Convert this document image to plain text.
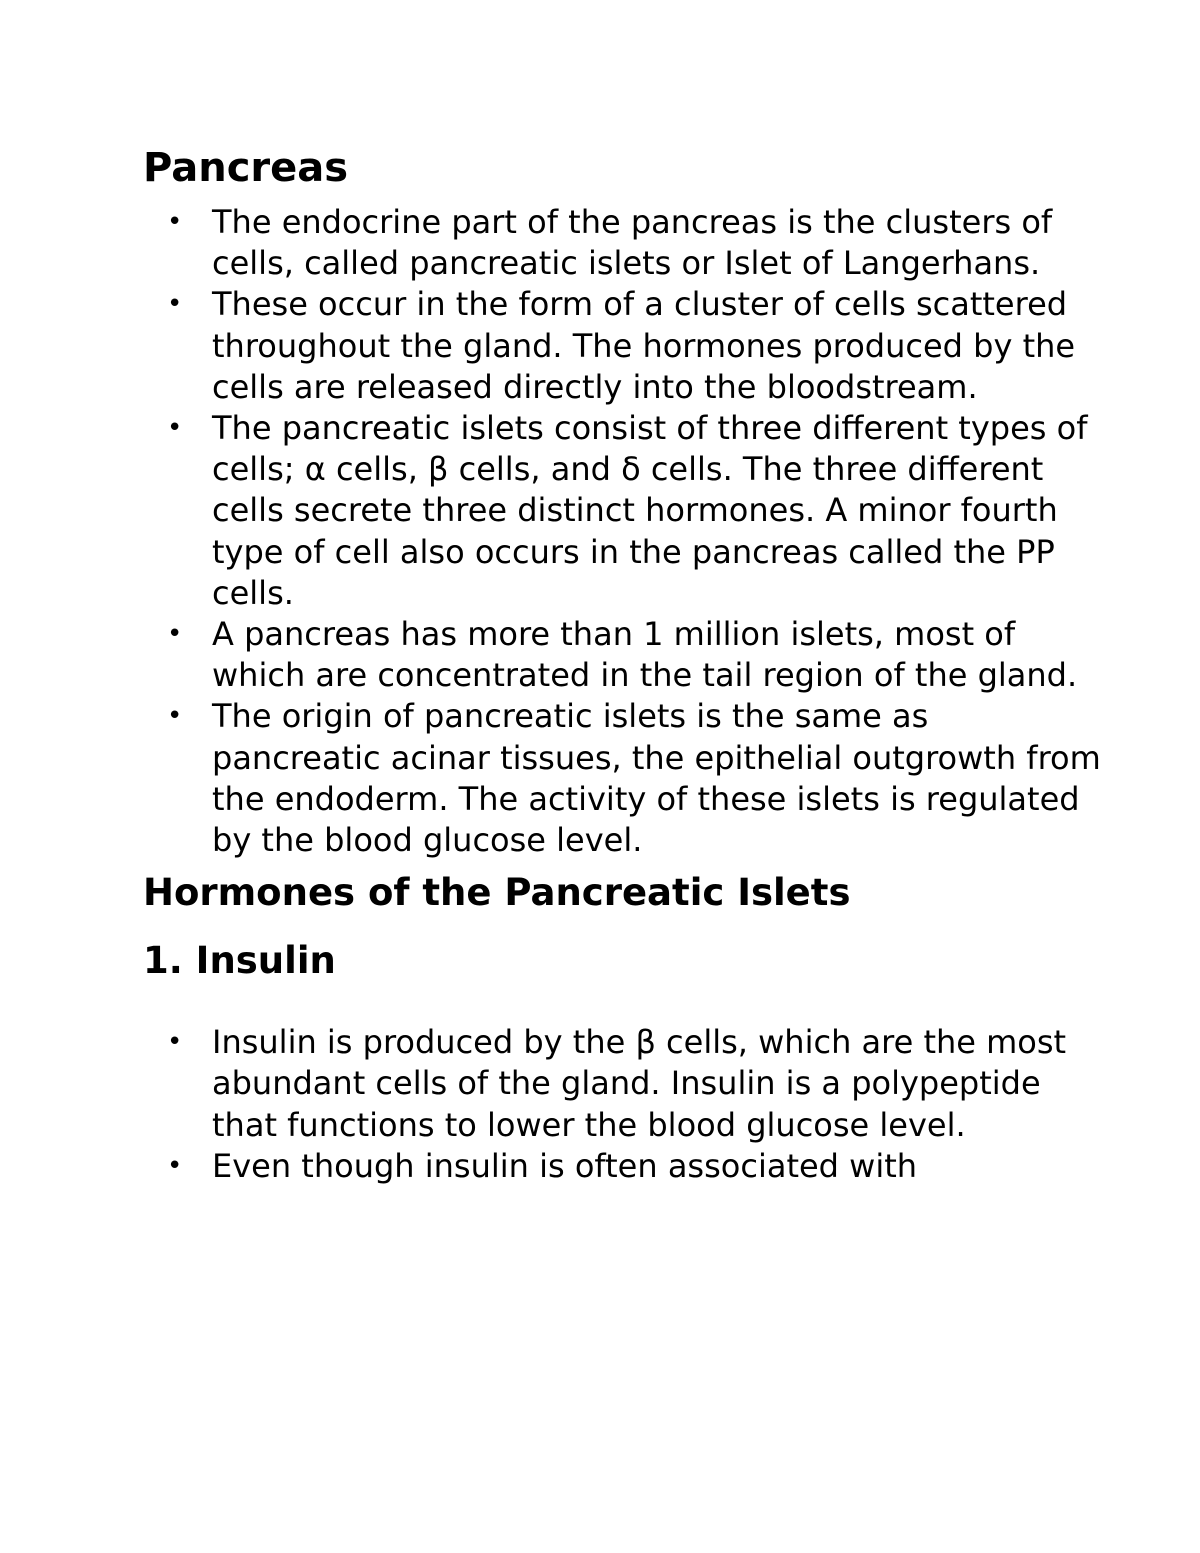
Pancreas
• The endocrine part of the pancreas is the clusters of cells, called pancreatic islets or Islet of Langerhans.
• These occur in the form of a cluster of cells scattered throughout the gland. The hormones produced by the cells are released directly into the bloodstream.
• The pancreatic islets consist of three different types of cells; α cells, β cells, and δ cells. The three different cells secrete three distinct hormones. A minor fourth type of cell also occurs in the pancreas called the PP cells.
• A pancreas has more than 1 million islets, most of which are concentrated in the tail region of the gland.
• The origin of pancreatic islets is the same as pancreatic acinar tissues, the epithelial outgrowth from the endoderm. The activity of these islets is regulated by the blood glucose level.
Hormones of the Pancreatic Islets
1. Insulin
• Insulin is produced by the β cells, which are the most abundant cells of the gland. Insulin is a polypeptide that functions to lower the blood glucose level.
• Even though insulin is often associated with
